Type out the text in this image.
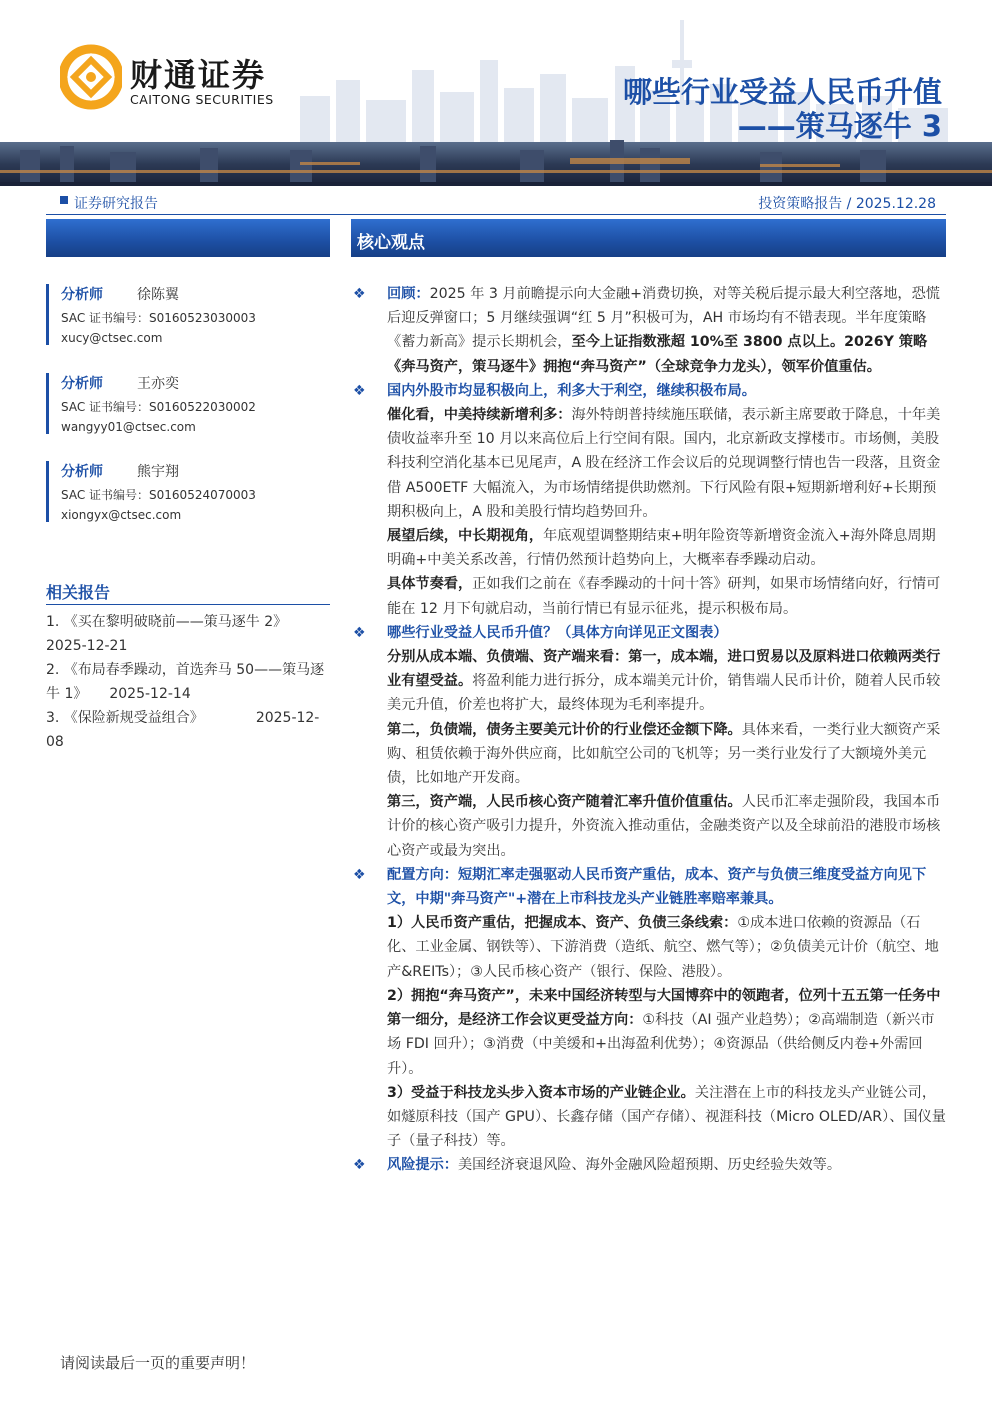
财通证券
CAITONG SECURITIES	哪些行业受益人民币升值
——策马逐牛 3
证券研究报告	投资策略报告 / 2025.12.28
核心观点
分析师 徐陈翼
SAC 证书编号：S0160523030003
xucy@ctsec.com
分析师 王亦奕
SAC 证书编号：S0160522030002
wangyy01@ctsec.com
分析师 熊宇翔
SAC 证书编号：S0160524070003
xiongyx@ctsec.com
相关报告
1. 《买在黎明破晓前——策马逐牛 2》
2025-12-21
2. 《布局春季躁动，首选奔马 50——策马逐牛 1》 2025-12-14
3. 《保险新规受益组合》	2025-12-08
❖ 回顾：2025 年 3 月前瞻提示向大金融+消费切换，对等关税后提示最大利空落地，恐慌后迎反弹窗口；5 月继续强调“红 5 月”积极可为，AH 市场均有不错表现。半年度策略《蓄力新高》提示长期机会，至今上证指数涨超 10%至 3800 点以上。2026Y 策略《奔马资产，策马逐牛》拥抱“奔马资产”（全球竞争力龙头），领军价值重估。
❖ 国内外股市均显积极向上，利多大于利空，继续积极布局。
催化看，中美持续新增利多：海外特朗普持续施压联储，表示新主席要敢于降息，十年美债收益率升至 10 月以来高位后上行空间有限。国内，北京新政支撑楼市。市场侧，美股科技利空消化基本已见尾声，A 股在经济工作会议后的兑现调整行情也告一段落，且资金借 A500ETF 大幅流入，为市场情绪提供助燃剂。下行风险有限+短期新增利好+长期预期积极向上，A 股和美股行情均趋势回升。
展望后续，中长期视角，年底观望调整期结束+明年险资等新增资金流入+海外降息周期明确+中美关系改善，行情仍然预计趋势向上，大概率春季躁动启动。
具体节奏看，正如我们之前在《春季躁动的十问十答》研判，如果市场情绪向好，行情可能在 12 月下旬就启动，当前行情已有显示征兆，提示积极布局。
❖ 哪些行业受益人民币升值？（具体方向详见正文图表）
分别从成本端、负债端、资产端来看：第一，成本端，进口贸易以及原料进口依赖两类行业有望受益。将盈利能力进行拆分，成本端美元计价，销售端人民币计价，随着人民币较美元升值，价差也将扩大，最终体现为毛利率提升。
第二，负债端，债务主要美元计价的行业偿还金额下降。具体来看，一类行业大额资产采购、租赁依赖于海外供应商，比如航空公司的飞机等；另一类行业发行了大额境外美元债，比如地产开发商。
第三，资产端，人民币核心资产随着汇率升值价值重估。人民币汇率走强阶段，我国本币计价的核心资产吸引力提升，外资流入推动重估，金融类资产以及全球前沿的港股市场核心资产或最为突出。
❖ 配置方向：短期汇率走强驱动人民币资产重估，成本、资产与负债三维度受益方向见下文，中期"奔马资产"+潜在上市科技龙头产业链胜率赔率兼具。
1）人民币资产重估，把握成本、资产、负债三条线索：①成本进口依赖的资源品（石化、工业金属、钢铁等）、下游消费（造纸、航空、燃气等）；②负债美元计价（航空、地产&REITs）；③人民币核心资产（银行、保险、港股）。
2）拥抱“奔马资产”，未来中国经济转型与大国博弈中的领跑者，位列十五五第一任务中第一细分，是经济工作会议更受益方向：①科技（AI 强产业趋势）；②高端制造（新兴市场 FDI 回升）；③消费（中美缓和+出海盈利优势）；④资源品（供给侧反内卷+外需回升）。
3）受益于科技龙头步入资本市场的产业链企业。关注潜在上市的科技龙头产业链公司，如燧原科技（国产 GPU）、长鑫存储（国产存储）、视涯科技（Micro OLED/AR）、国仪量子（量子科技）等。
❖ 风险提示：美国经济衰退风险、海外金融风险超预期、历史经验失效等。
请阅读最后一页的重要声明！
